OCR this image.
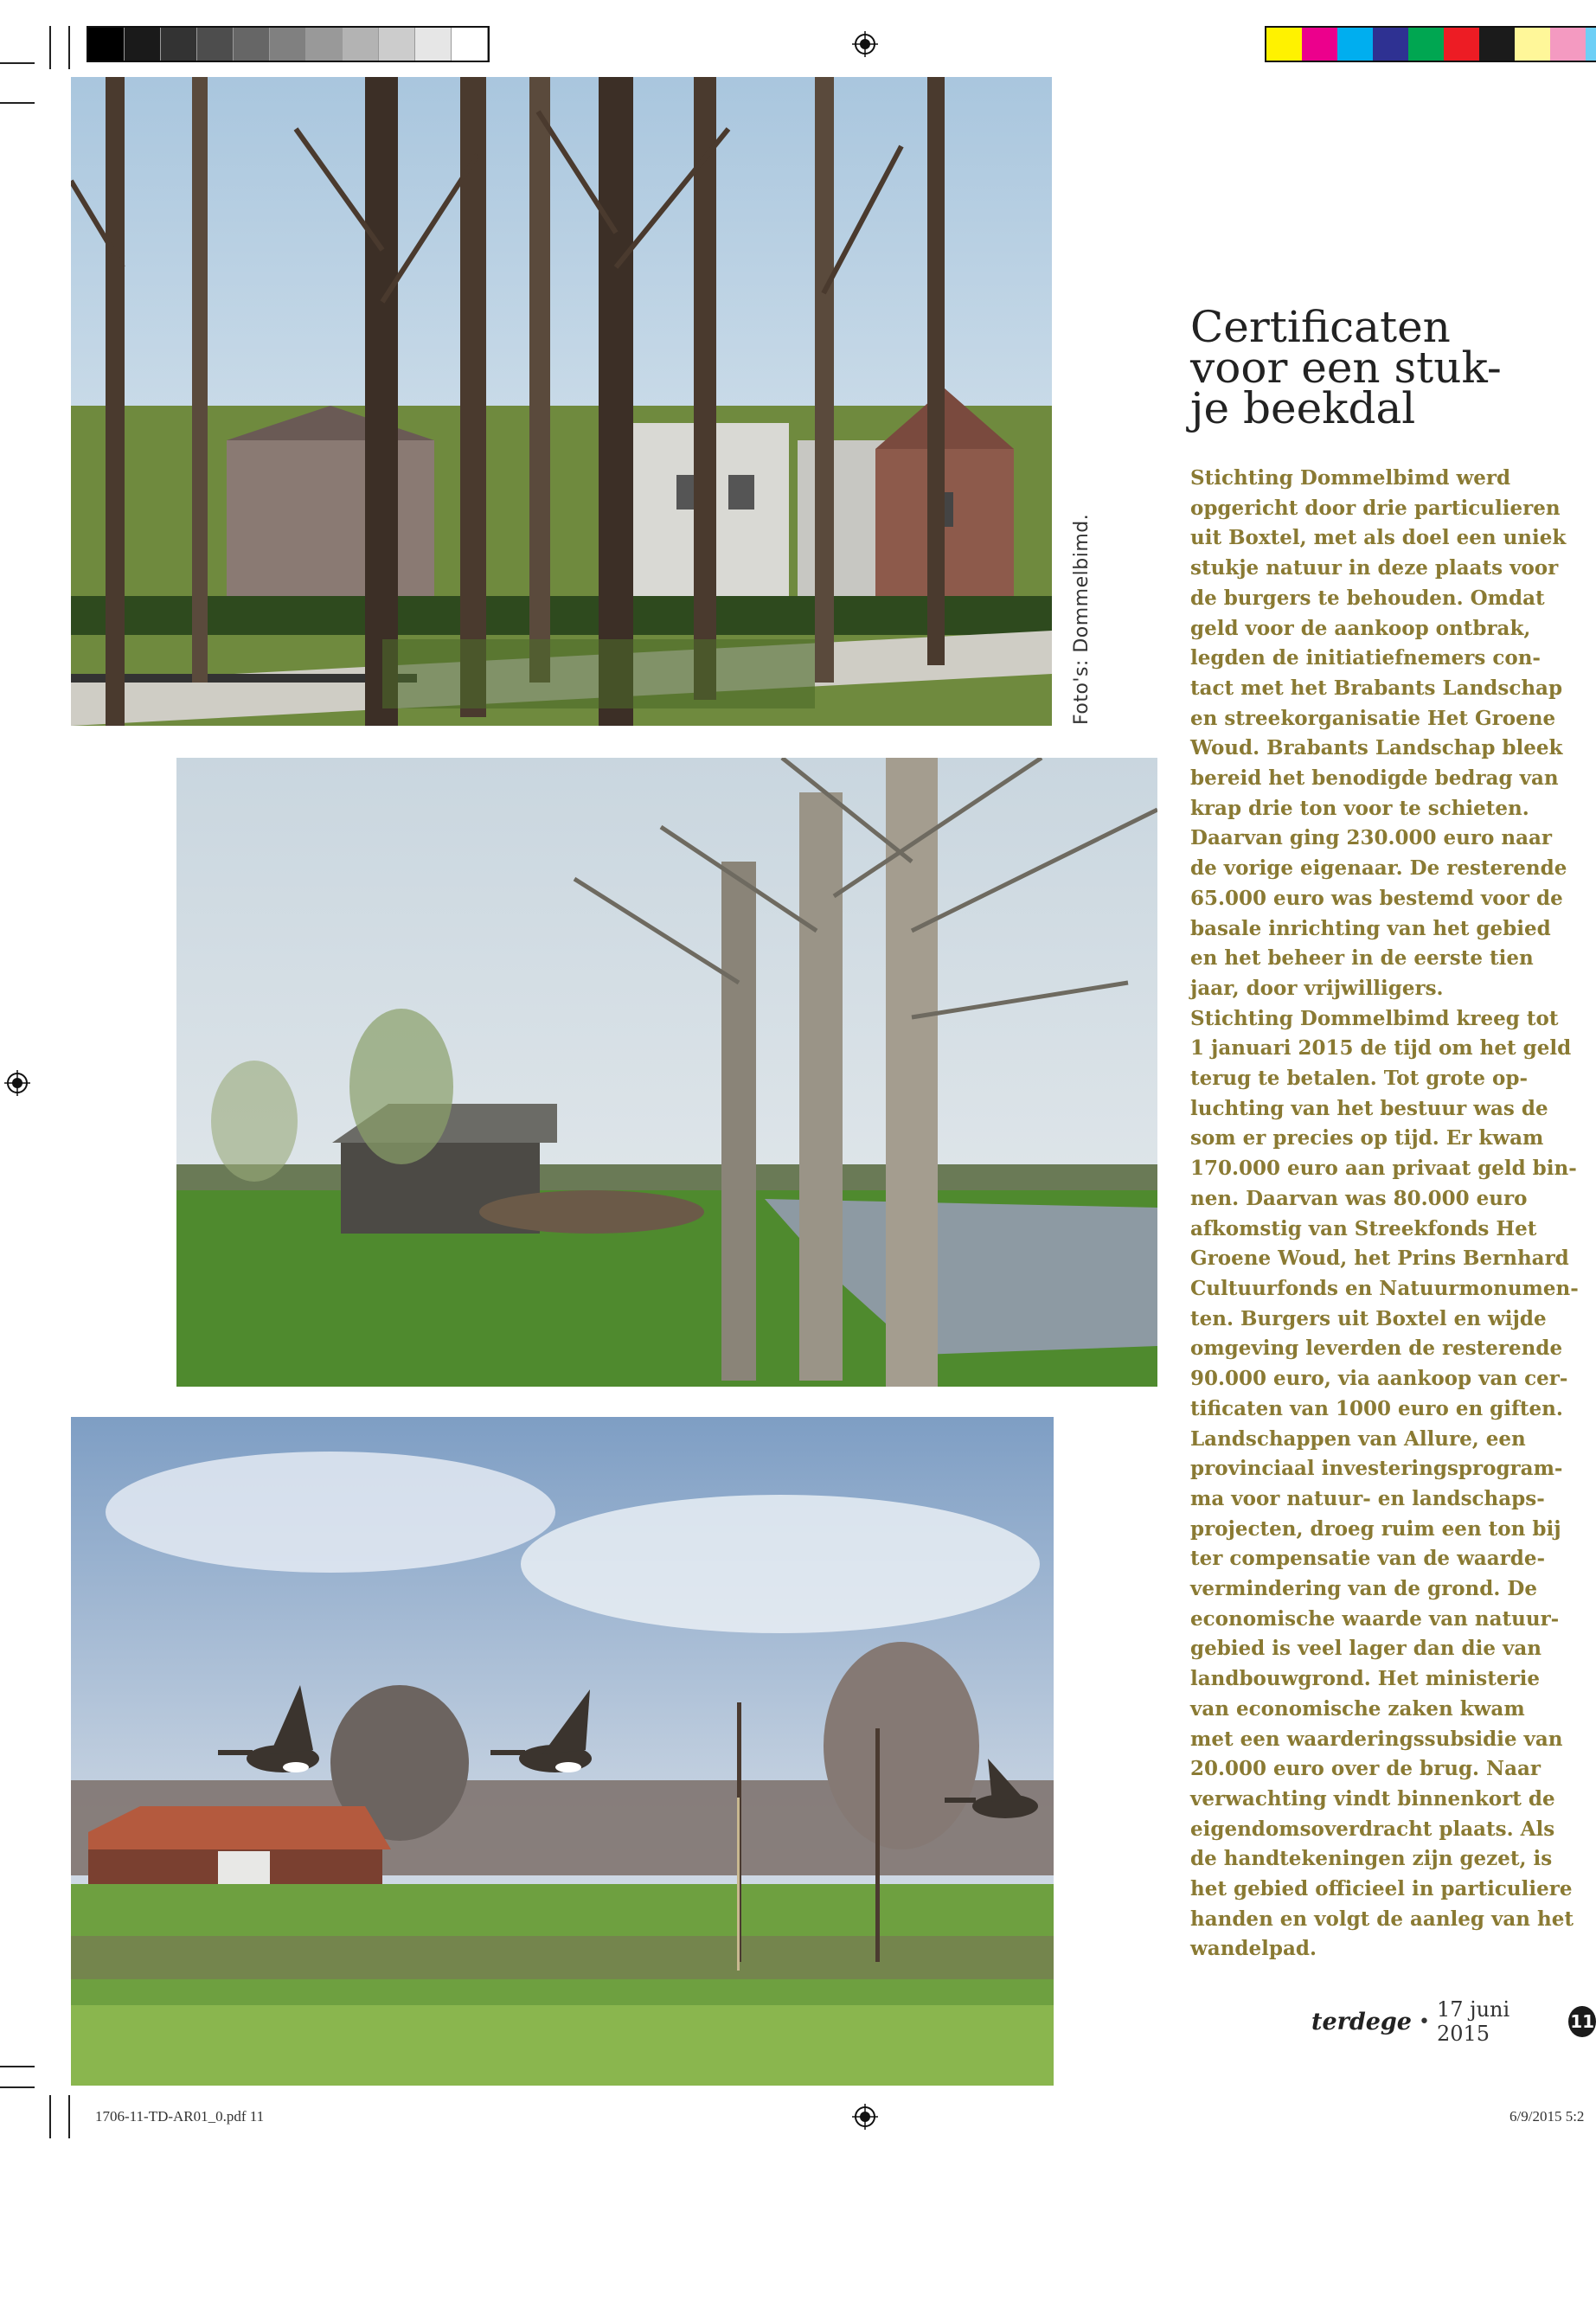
Foto's: Dommelbimd.
Certificaten
voor een stuk-
je beekdal
Stichting Dommelbimd werd
opgericht door drie particulieren
uit Boxtel, met als doel een uniek
stukje natuur in deze plaats voor
de burgers te behouden. Omdat
geld voor de aankoop ontbrak,
legden de initiatiefnemers con-
tact met het Brabants Landschap
en streekorganisatie Het Groene
Woud. Brabants Landschap bleek
bereid het benodigde bedrag van
krap drie ton voor te schieten.
Daarvan ging 230.000 euro naar
de vorige eigenaar. De resterende
65.000 euro was bestemd voor de
basale inrichting van het gebied
en het beheer in de eerste tien
jaar, door vrijwilligers.
Stichting Dommelbimd kreeg tot
1 januari 2015 de tijd om het geld
terug te betalen. Tot grote op-
luchting van het bestuur was de
som er precies op tijd. Er kwam
170.000 euro aan privaat geld bin-
nen. Daarvan was 80.000 euro
afkomstig van Streekfonds Het
Groene Woud, het Prins Bernhard
Cultuurfonds en Natuurmonumen-
ten. Burgers uit Boxtel en wijde
omgeving leverden de resterende
90.000 euro, via aankoop van cer-
tificaten van 1000 euro en giften.
Landschappen van Allure, een
provinciaal investeringsprogram-
ma voor natuur- en landschaps-
projecten, droeg ruim een ton bij
ter compensatie van de waarde-
vermindering van de grond. De
economische waarde van natuur-
gebied is veel lager dan die van
landbouwgrond. Het ministerie
van economische zaken kwam
met een waarderingssubsidie van
20.000 euro over de brug. Naar
verwachting vindt binnenkort de
eigendomsoverdracht plaats. Als
de handtekeningen zijn gezet, is
het gebied officieel in particuliere
handen en volgt de aanleg van het
wandelpad.
terdege • 17 juni 2015	11
1706-11-TD-AR01_0.pdf 11	6/9/2015 5:2
